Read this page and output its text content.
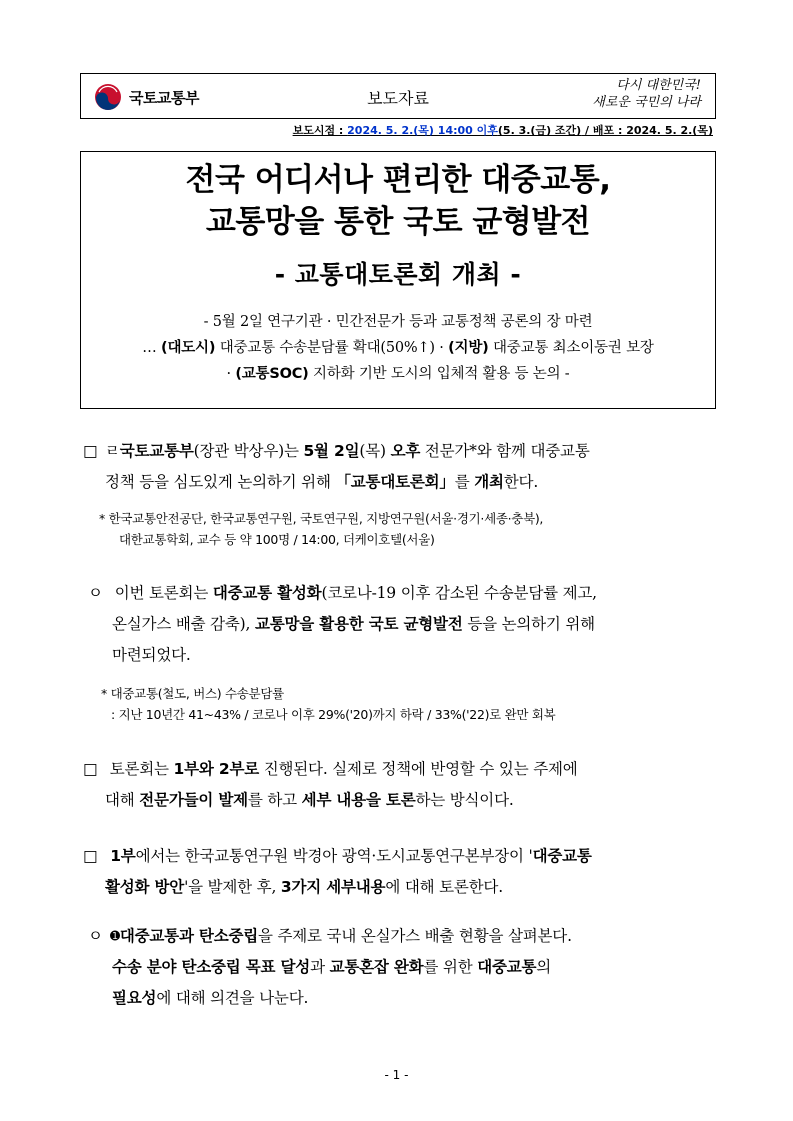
국토교통부	보도자료
다시 대한민국!
새로운 국민의 나라
보도시점 : 2024. 5. 2.(목) 14:00 이후(5. 3.(금) 조간) / 배포 : 2024. 5. 2.(목)
전국 어디서나 편리한 대중교통,
교통망을 통한 국토 균형발전
- 교통대토론회 개최 -
- 5월 2일 연구기관 · 민간전문가 등과 교통정책 공론의 장 마련
… (대도시) 대중교통 수송분담률 확대(50%↑) · (지방) 대중교통 최소이동권 보장
· (교통SOC) 지하화 기반 도시의 입체적 활용 등 논의 -
□ ㄹ국토교통부(장관 박상우)는 5월 2일(목) 오후 전문가*와 함께 대중교통
정책 등을 심도있게 논의하기 위해 「교통대토론회」를 개최한다.
* 한국교통안전공단, 한국교통연구원, 국토연구원, 지방연구원(서울·경기·세종·충북),
대한교통학회, 교수 등 약 100명 / 14:00, 더케이호텔(서울)
ㅇ 이번 토론회는 대중교통 활성화(코로나-19 이후 감소된 수송분담률 제고,
온실가스 배출 감축), 교통망을 활용한 국토 균형발전 등을 논의하기 위해
마련되었다.
* 대중교통(철도, 버스) 수송분담률
: 지난 10년간 41~43% / 코로나 이후 29%('20)까지 하락 / 33%('22)로 완만 회복
□ 토론회는 1부와 2부로 진행된다. 실제로 정책에 반영할 수 있는 주제에
대해 전문가들이 발제를 하고 세부 내용을 토론하는 방식이다.
□ 1부에서는 한국교통연구원 박경아 광역·도시교통연구본부장이 '대중교통
활성화 방안'을 발제한 후, 3가지 세부내용에 대해 토론한다.
ㅇ $^➊$대중교통과 탄소중립을 주제로 국내 온실가스 배출 현황을 살펴본다.
수송 분야 탄소중립 목표 달성과 교통혼잡 완화를 위한 대중교통의
필요성에 대해 의견을 나눈다.
- 1 -
